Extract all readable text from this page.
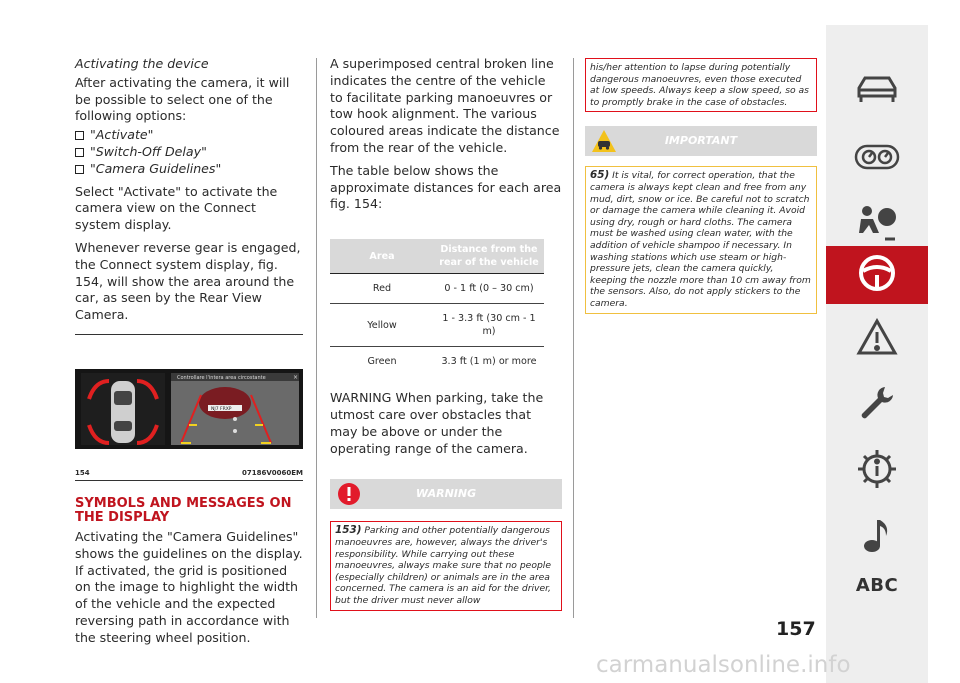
Activating the device

After activating the camera, it will be possible to select one of the following options:

"Activate"
"Switch-Off Delay"
"Camera Guidelines"

Select "Activate" to activate the camera view on the Connect system display.

Whenever reverse gear is engaged, the Connect system display, fig. 154, will show the area around the car, as seen by the Rear View Camera.

Controllare l'intera area circostante	×
NJ7 FRXP
154	07186V0060EM
SYMBOLS AND MESSAGES ON THE DISPLAY

Activating the "Camera Guidelines" shows the guidelines on the display. If activated, the grid is positioned on the image to highlight the width of the vehicle and the expected reversing path in accordance with the steering wheel position.

A superimposed central broken line indicates the centre of the vehicle to facilitate parking manoeuvres or tow hook alignment. The various coloured areas indicate the distance from the rear of the vehicle.

The table below shows the approximate distances for each area fig. 154:

Area	Distance from the rear of the vehicle
Red	0 - 1 ft (0 – 30 cm)
Yellow	1 - 3.3 ft (30 cm - 1 m)
Green	3.3 ft (1 m) or more

WARNING When parking, take the utmost care over obstacles that may be above or under the operating range of the camera.

WARNING
153) Parking and other potentially dangerous manoeuvres are, however, always the driver's responsibility. While carrying out these manoeuvres, always make sure that no people (especially children) or animals are in the area concerned. The camera is an aid for the driver, but the driver must never allow
his/her attention to lapse during potentially dangerous manoeuvres, even those executed at low speeds. Always keep a slow speed, so as to promptly brake in the case of obstacles.
IMPORTANT
65) It is vital, for correct operation, that the camera is always kept clean and free from any mud, dirt, snow or ice. Be careful not to scratch or damage the camera while cleaning it. Avoid using dry, rough or hard cloths. The camera must be washed using clean water, with the addition of vehicle shampoo if necessary. In washing stations which use steam or high-pressure jets, clean the camera quickly, keeping the nozzle more than 10 cm away from the sensors. Also, do not apply stickers to the camera.
157
ABC
carmanualsonline.info
